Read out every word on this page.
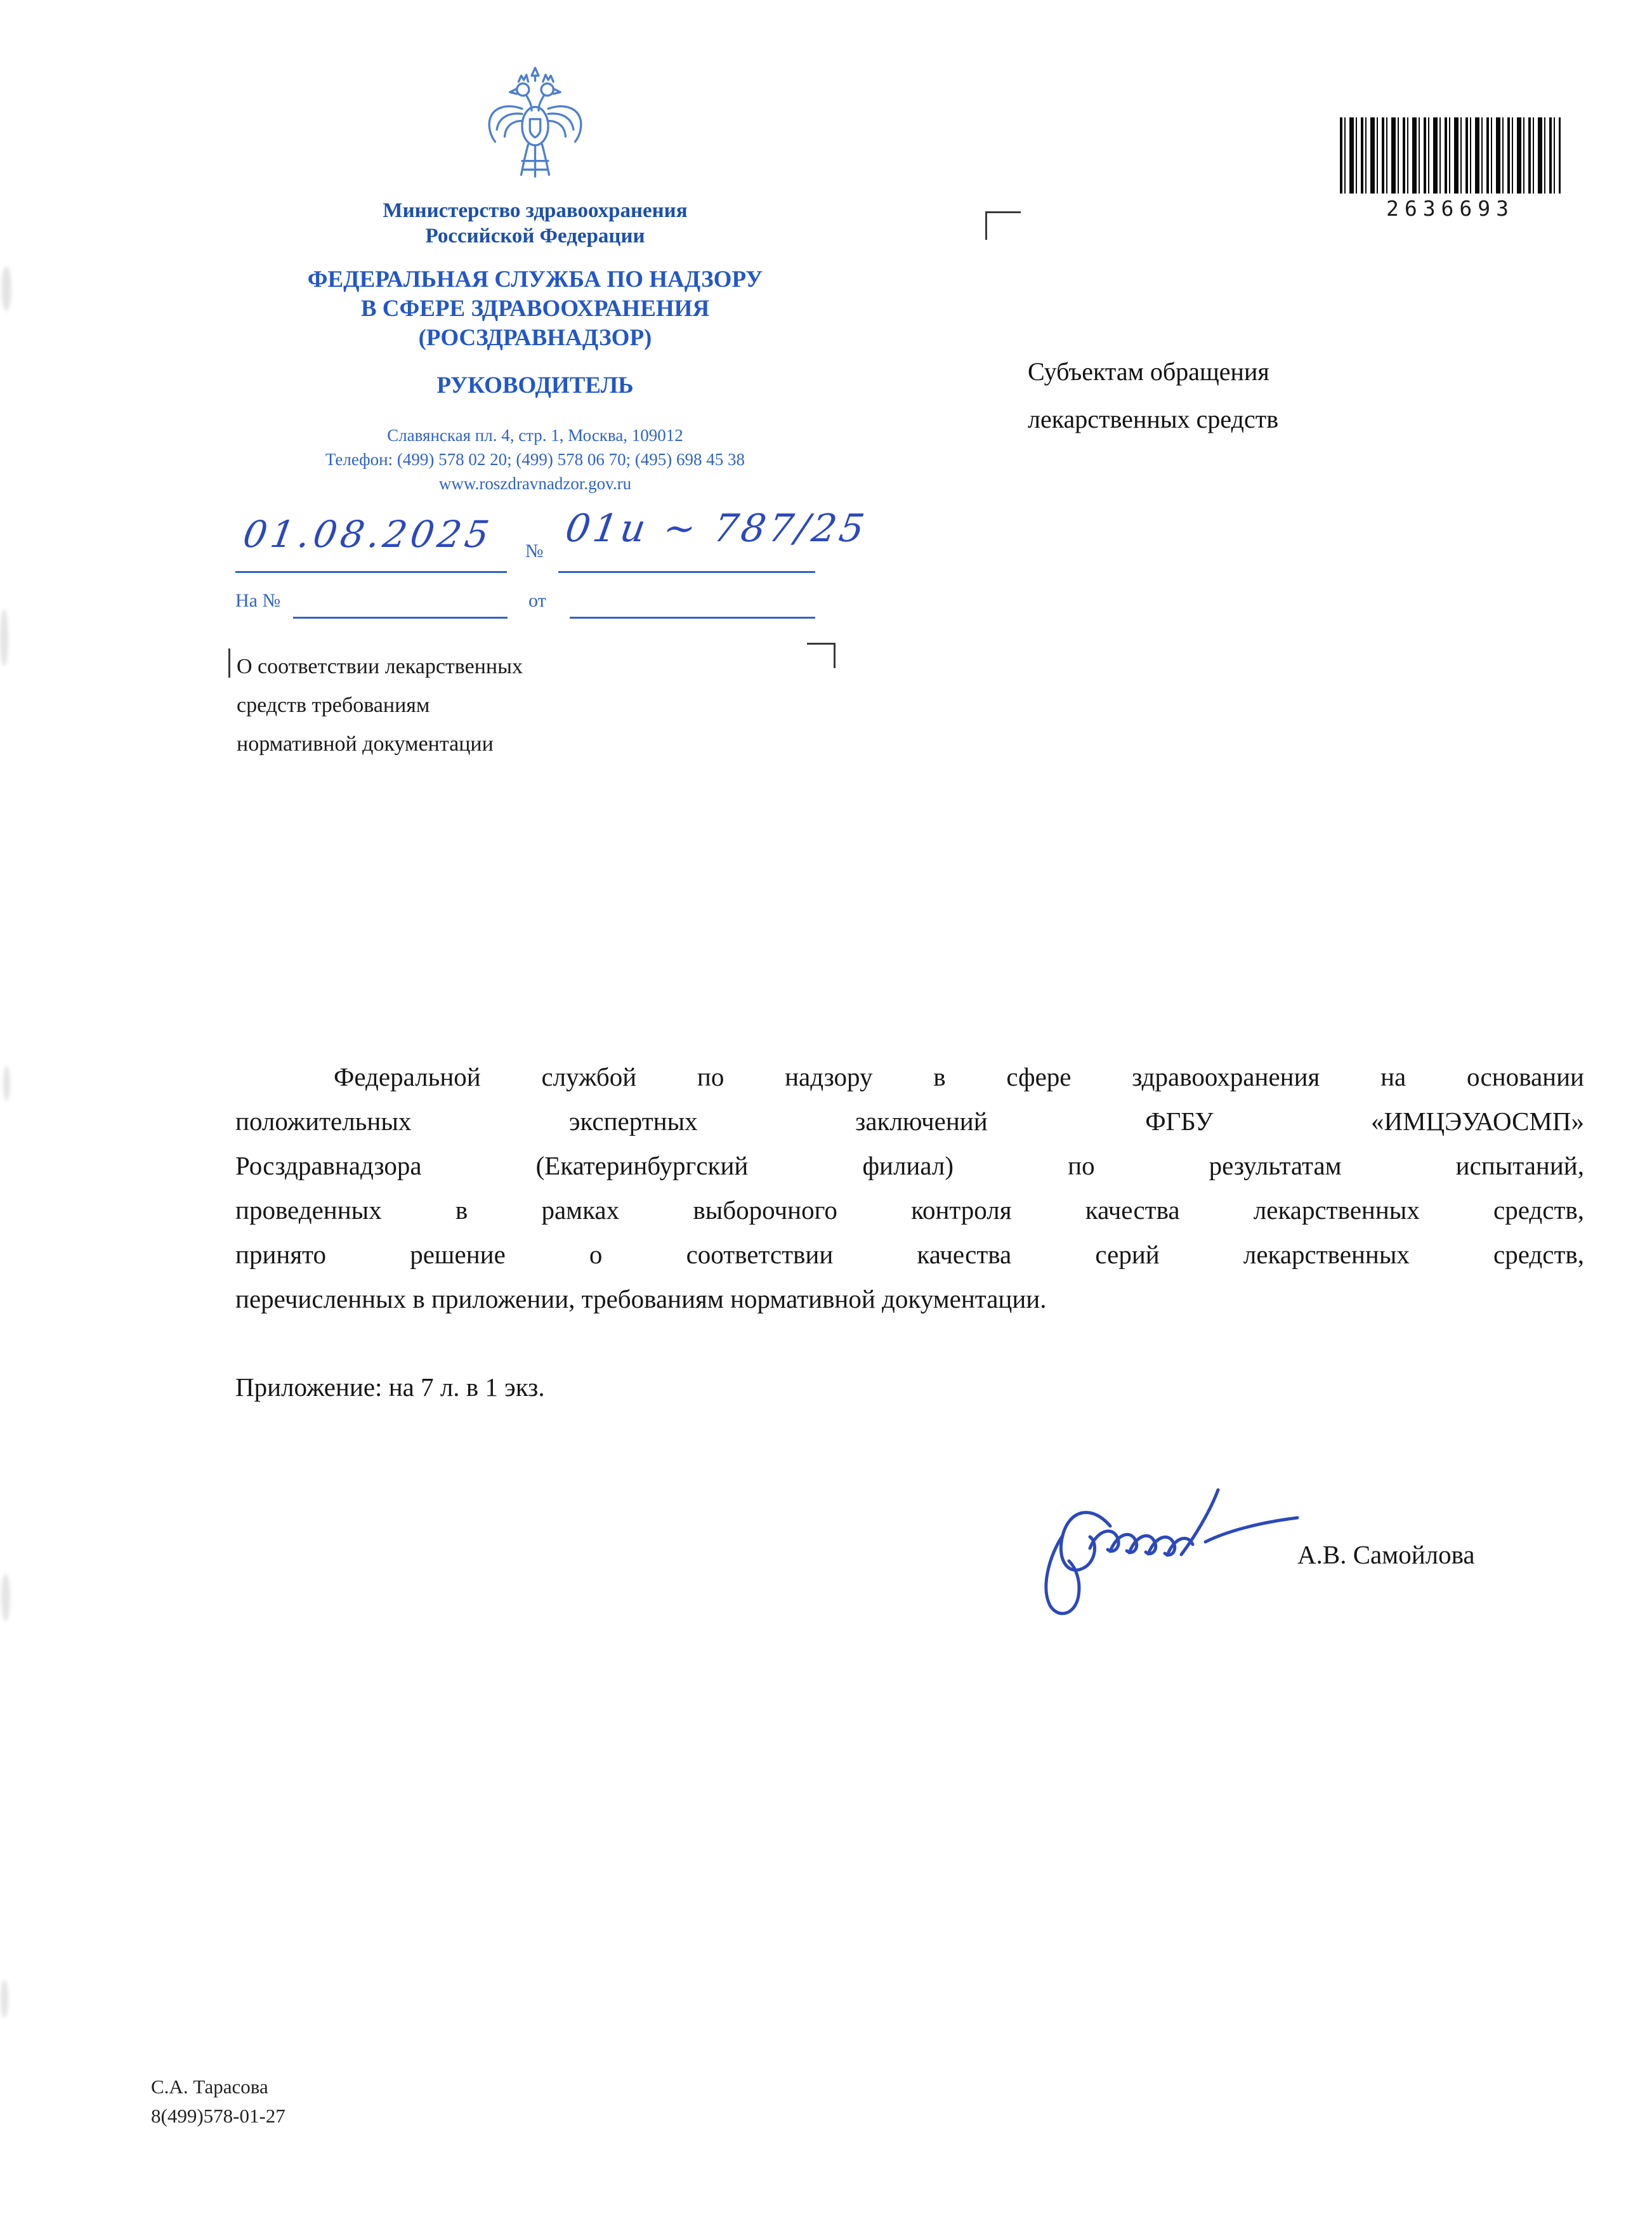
Министерство здравоохранения
Российской Федерации
ФЕДЕРАЛЬНАЯ СЛУЖБА ПО НАДЗОРУ
В СФЕРЕ ЗДРАВООХРАНЕНИЯ
(РОСЗДРАВНАДЗОР)
РУКОВОДИТЕЛЬ
Славянская пл. 4, стр. 1, Москва, 109012
Телефон: (499) 578 02 20; (499) 578 06 70; (495) 698 45 38
www.roszdravnadzor.gov.ru
01.08.2025 №
01и ~ 787/25
На №	от
О соответствии лекарственных
средств требованиям
нормативной документации
Субъектам обращения
лекарственных средств
2636693
Федеральной службой по надзору в сфере здравоохранения на основании
положительных экспертных заключений ФГБУ «ИМЦЭУАОСМП»
Росздравнадзора (Екатеринбургский филиал) по результатам испытаний,
проведенных в рамках выборочного контроля качества лекарственных средств,
принято решение о соответствии качества серий лекарственных средств,
перечисленных в приложении, требованиям нормативной документации.
Приложение: на 7 л. в 1 экз.
А.В. Самойлова
С.А. Тарасова
8(499)578-01-27
